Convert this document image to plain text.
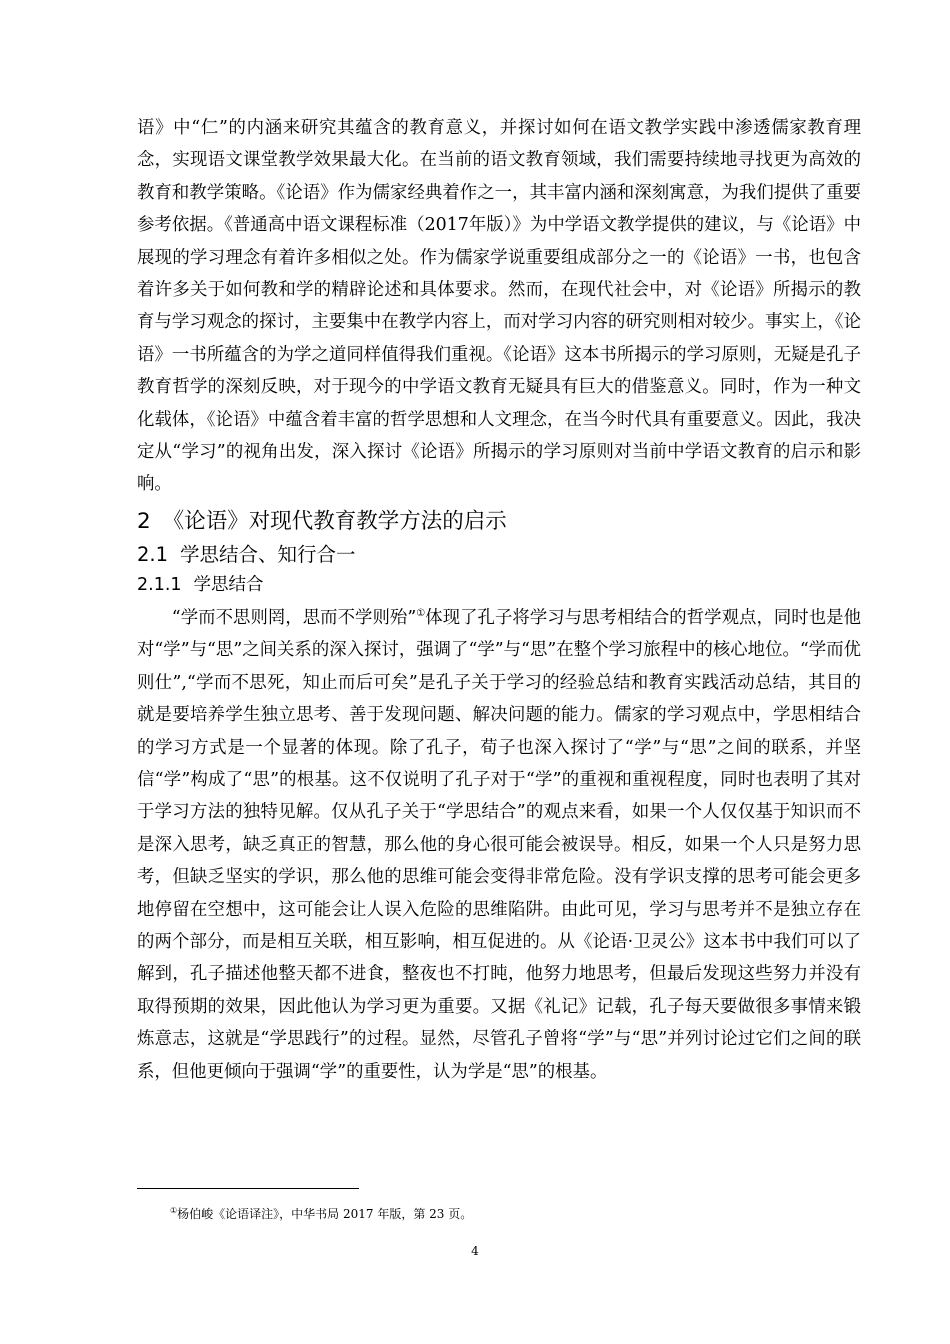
语》中“仁”的内涵来研究其蕴含的教育意义，并探讨如何在语文教学实践中渗透儒家教育理念，实现语文课堂教学效果最大化。在当前的语文教育领域，我们需要持续地寻找更为高效的教育和教学策略。《论语》作为儒家经典着作之一，其丰富内涵和深刻寓意，为我们提供了重要参考依据。《普通高中语文课程标准（2017年版）》为中学语文教学提供的建议，与《论语》中展现的学习理念有着许多相似之处。作为儒家学说重要组成部分之一的《论语》一书，也包含着许多关于如何教和学的精辟论述和具体要求。然而，在现代社会中，对《论语》所揭示的教育与学习观念的探讨，主要集中在教学内容上，而对学习内容的研究则相对较少。事实上，《论语》一书所蕴含的为学之道同样值得我们重视。《论语》这本书所揭示的学习原则，无疑是孔子教育哲学的深刻反映，对于现今的中学语文教育无疑具有巨大的借鉴意义。同时，作为一种文化载体，《论语》中蕴含着丰富的哲学思想和人文理念，在当今时代具有重要意义。因此，我决定从“学习”的视角出发，深入探讨《论语》所揭示的学习原则对当前中学语文教育的启示和影响。

2 《论语》对现代教育教学方法的启示
2.1 学思结合、知行合一
2.1.1 学思结合

“学而不思则罔，思而不学则殆”①体现了孔子将学习与思考相结合的哲学观点，同时也是他对“学”与“思”之间关系的深入探讨，强调了“学”与“思”在整个学习旅程中的核心地位。“学而优则仕”,“学而不思死，知止而后可矣”是孔子关于学习的经验总结和教育实践活动总结，其目的就是要培养学生独立思考、善于发现问题、解决问题的能力。儒家的学习观点中，学思相结合的学习方式是一个显著的体现。除了孔子，荀子也深入探讨了“学”与“思”之间的联系，并坚信“学”构成了“思”的根基。这不仅说明了孔子对于“学”的重视和重视程度，同时也表明了其对于学习方法的独特见解。仅从孔子关于“学思结合”的观点来看，如果一个人仅仅基于知识而不是深入思考，缺乏真正的智慧，那么他的身心很可能会被误导。相反，如果一个人只是努力思考，但缺乏坚实的学识，那么他的思维可能会变得非常危险。没有学识支撑的思考可能会更多地停留在空想中，这可能会让人误入危险的思维陷阱。由此可见，学习与思考并不是独立存在的两个部分，而是相互关联，相互影响，相互促进的。从《论语·卫灵公》这本书中我们可以了解到，孔子描述他整天都不进食，整夜也不打盹，他努力地思考，但最后发现这些努力并没有取得预期的效果，因此他认为学习更为重要。又据《礼记》记载，孔子每天要做很多事情来锻炼意志，这就是“学思践行”的过程。显然，尽管孔子曾将“学”与“思”并列讨论过它们之间的联系，但他更倾向于强调“学”的重要性，认为学是“思”的根基。

①杨伯峻《论语译注》，中华书局 2017 年版，第 23 页。

4
